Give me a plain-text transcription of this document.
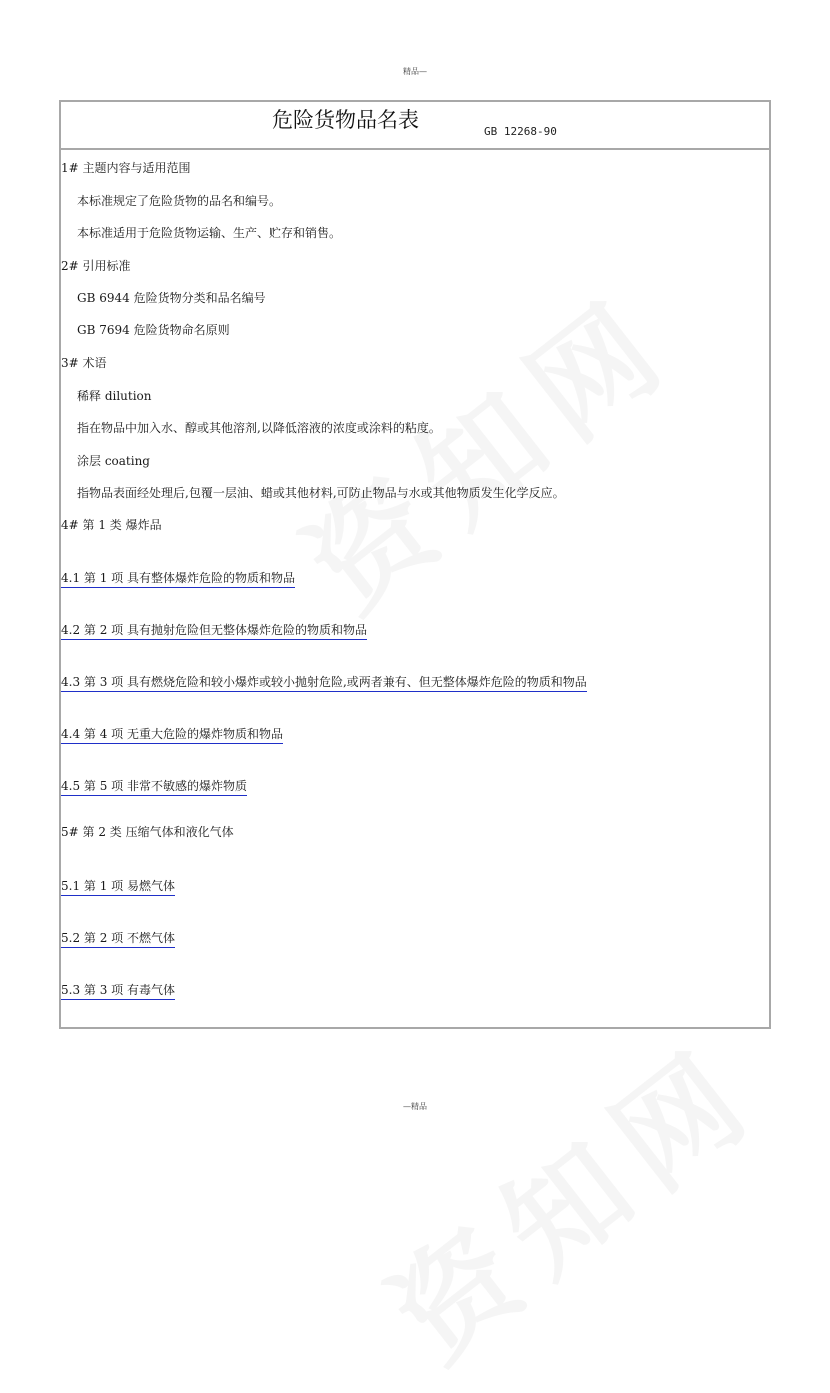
精品—
危险货物品名表	GB 12268-90
1# 主题内容与适用范围
本标准规定了危险货物的品名和编号。
本标准适用于危险货物运输、生产、贮存和销售。
2# 引用标准
GB 6944 危险货物分类和品名编号
GB 7694 危险货物命名原则
3# 术语
稀释 dilution
指在物品中加入水、醇或其他溶剂,以降低溶液的浓度或涂料的粘度。
涂层 coating
指物品表面经处理后,包覆一层油、蜡或其他材料,可防止物品与水或其他物质发生化学反应。
4# 第 1 类 爆炸品
4.1 第 1 项 具有整体爆炸危险的物质和物品
4.2 第 2 项 具有抛射危险但无整体爆炸危险的物质和物品
4.3 第 3 项 具有燃烧危险和较小爆炸或较小抛射危险,或两者兼有、但无整体爆炸危险的物质和物品
4.4 第 4 项 无重大危险的爆炸物质和物品
4.5 第 5 项 非常不敏感的爆炸物质
5# 第 2 类 压缩气体和液化气体
5.1 第 1 项 易燃气体
5.2 第 2 项 不燃气体
5.3 第 3 项 有毒气体
—精品
